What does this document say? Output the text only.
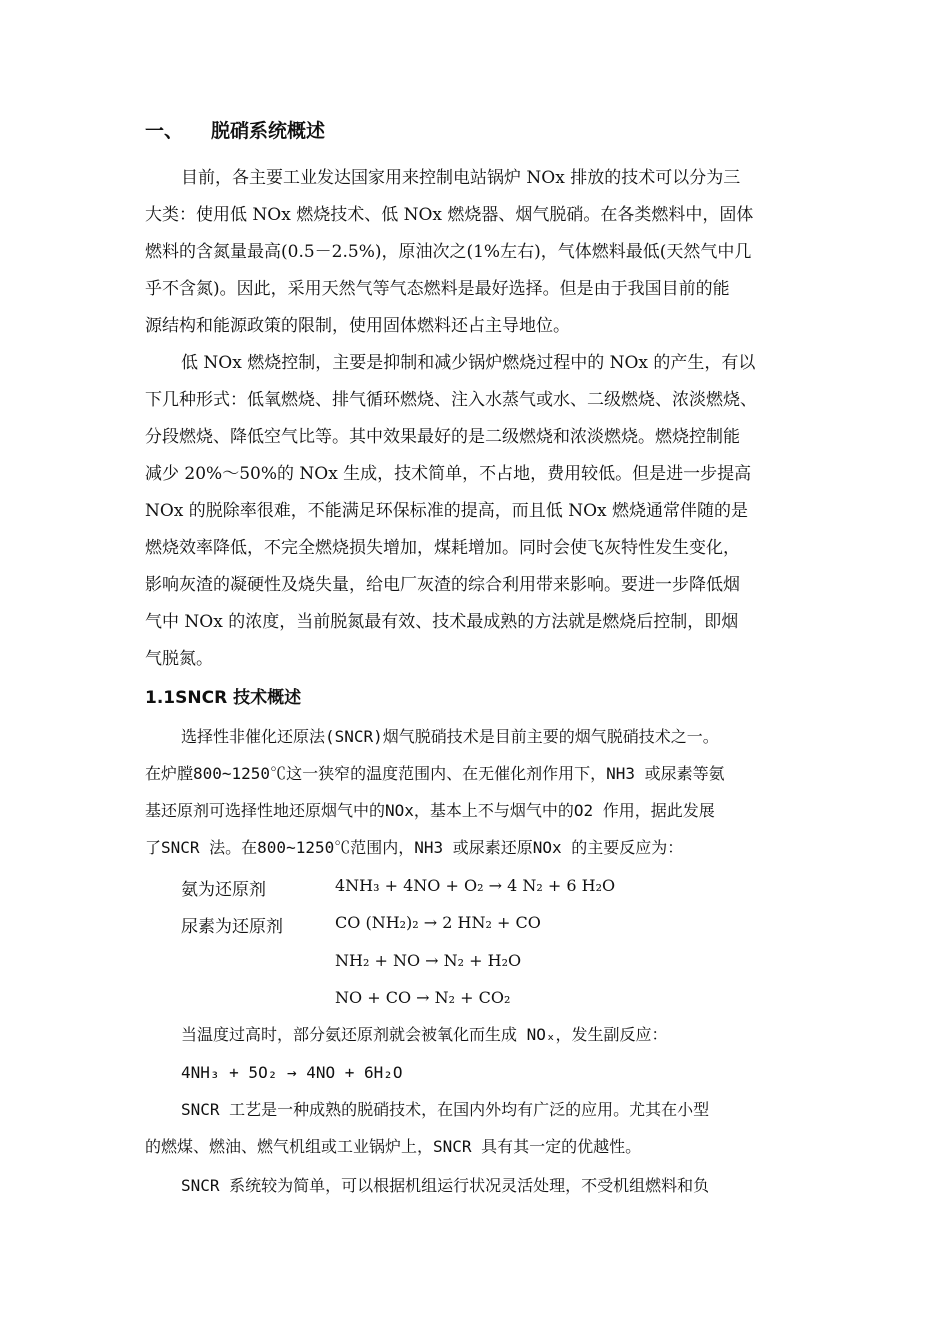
一、 脱硝系统概述
目前，各主要工业发达国家用来控制电站锅炉 NOx 排放的技术可以分为三
大类：使用低 NOx 燃烧技术、低 NOx 燃烧器、烟气脱硝。在各类燃料中，固体
燃料的含氮量最高(0.5－2.5%)，原油次之(1%左右)，气体燃料最低(天然气中几
乎不含氮)。因此，采用天然气等气态燃料是最好选择。但是由于我国目前的能
源结构和能源政策的限制，使用固体燃料还占主导地位。
低 NOx 燃烧控制，主要是抑制和减少锅炉燃烧过程中的 NOx 的产生，有以
下几种形式：低氧燃烧、排气循环燃烧、注入水蒸气或水、二级燃烧、浓淡燃烧、
分段燃烧、降低空气比等。其中效果最好的是二级燃烧和浓淡燃烧。燃烧控制能
减少 20%～50%的 NOx 生成，技术简单，不占地，费用较低。但是进一步提高
NOx 的脱除率很难，不能满足环保标准的提高，而且低 NOx 燃烧通常伴随的是
燃烧效率降低，不完全燃烧损失增加，煤耗增加。同时会使飞灰特性发生变化，
影响灰渣的凝硬性及烧失量，给电厂灰渣的综合利用带来影响。要进一步降低烟
气中 NOx 的浓度，当前脱氮最有效、技术最成熟的方法就是燃烧后控制，即烟
气脱氮。
1.1SNCR 技术概述
选择性非催化还原法(SNCR)烟气脱硝技术是目前主要的烟气脱硝技术之一。
在炉膛800~1250℃这一狭窄的温度范围内、在无催化剂作用下，NH3 或尿素等氨
基还原剂可选择性地还原烟气中的NOx，基本上不与烟气中的O2 作用，据此发展
了SNCR 法。在800~1250℃范围内，NH3 或尿素还原NOx 的主要反应为：
氨为还原剂	4NH₃ + 4NO + O₂ → 4 N₂ + 6 H₂O
尿素为还原剂	CO (NH₂)₂ → 2 HN₂ + CO
NH₂ + NO → N₂ + H₂O
NO + CO → N₂ + CO₂
当温度过高时，部分氨还原剂就会被氧化而生成 NOₓ，发生副反应：
4NH₃ + 5O₂ → 4NO + 6H₂O
SNCR 工艺是一种成熟的脱硝技术，在国内外均有广泛的应用。尤其在小型
的燃煤、燃油、燃气机组或工业锅炉上，SNCR 具有其一定的优越性。
SNCR 系统较为简单，可以根据机组运行状况灵活处理，不受机组燃料和负
